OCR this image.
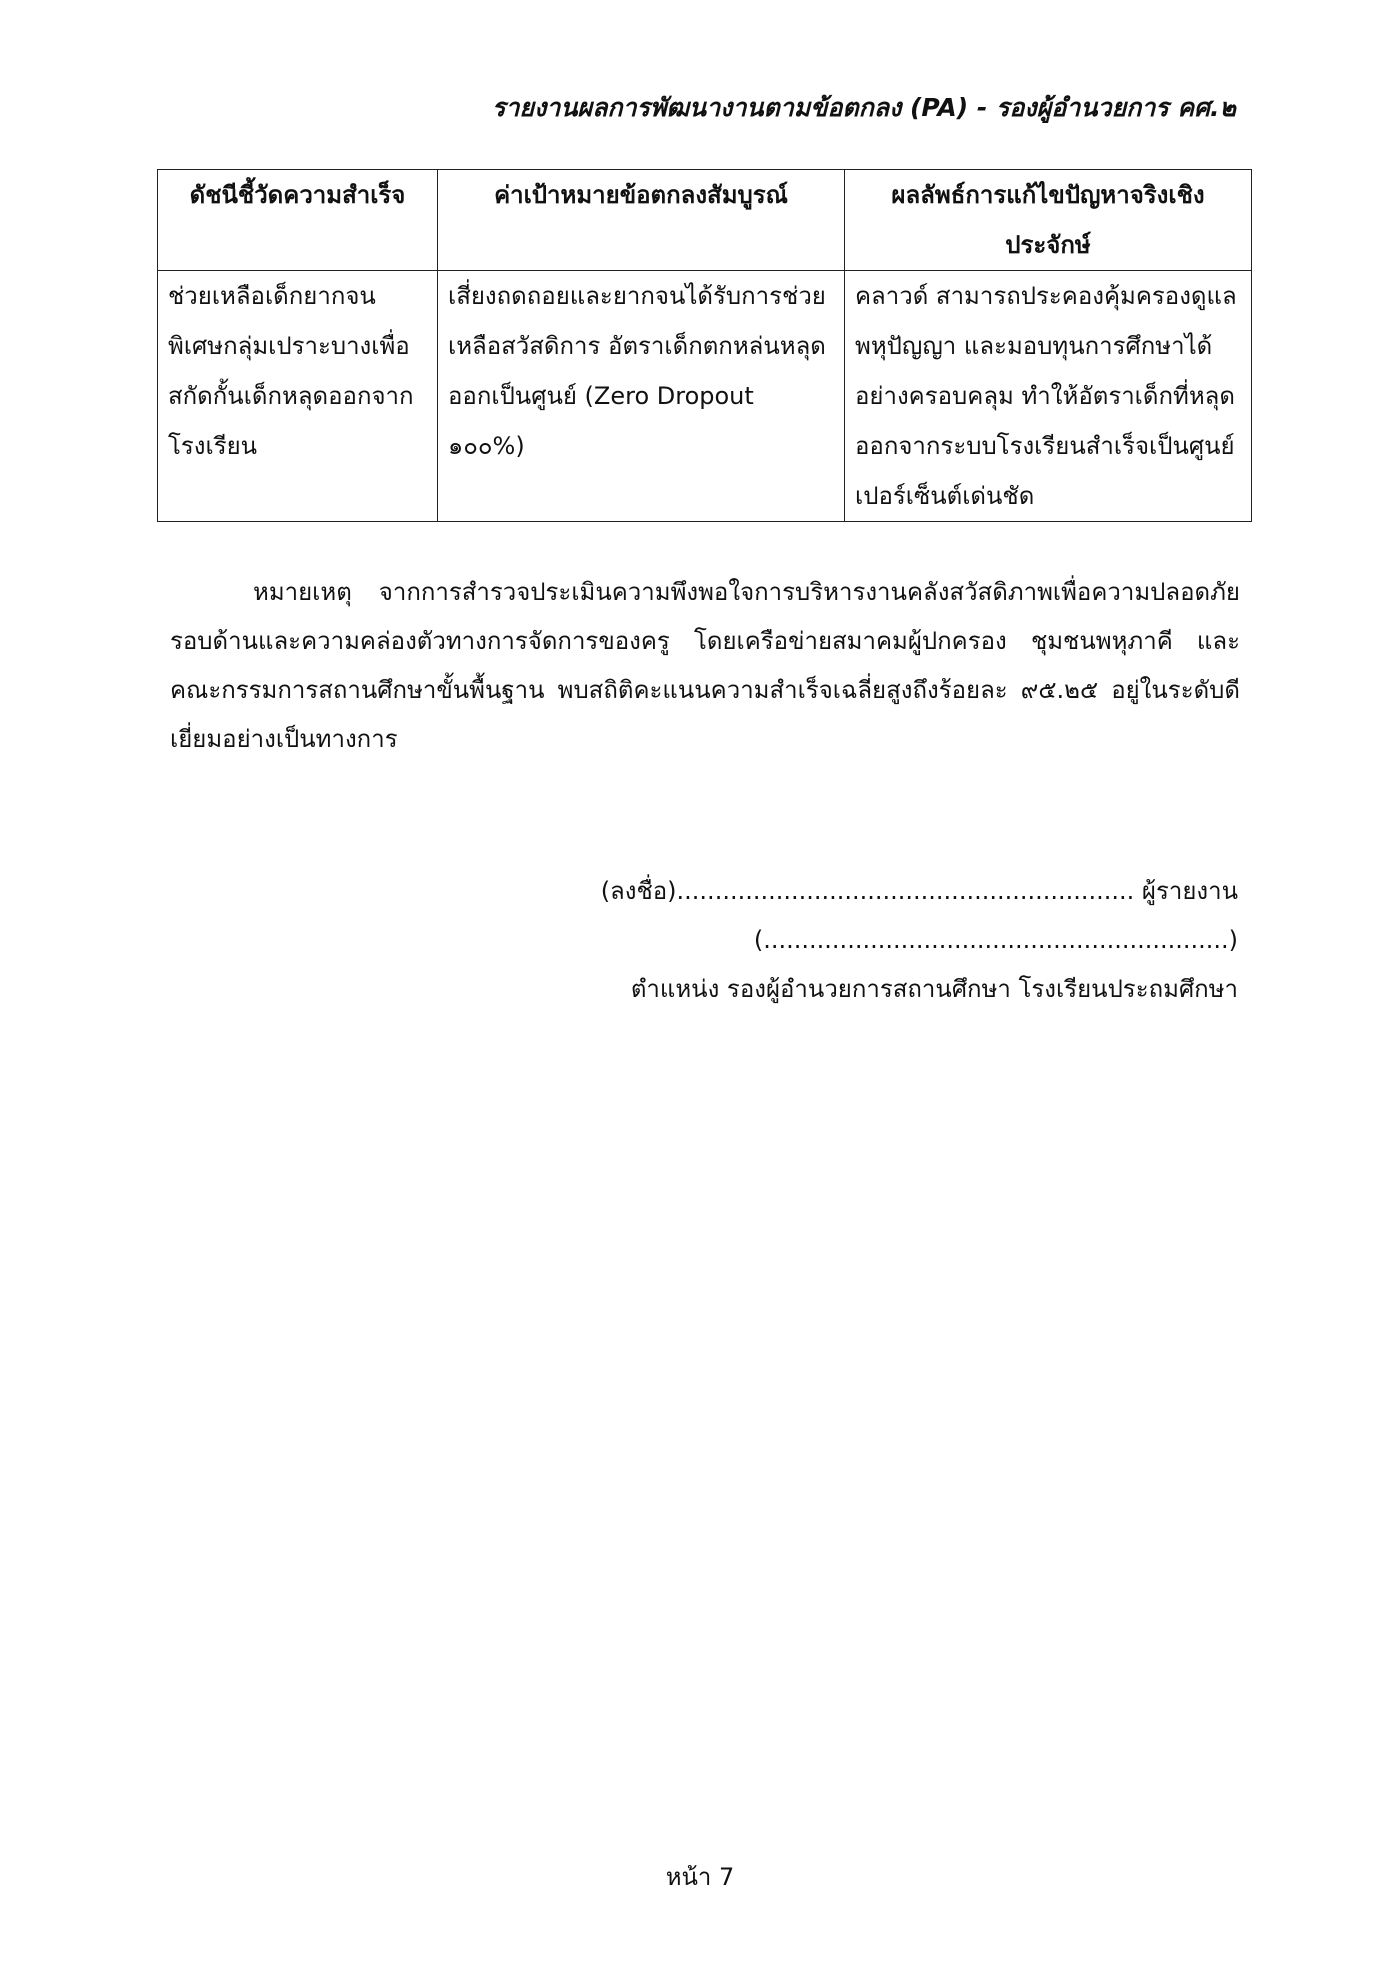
รายงานผลการพัฒนางานตามข้อตกลง (PA) - รองผู้อำนวยการ คศ.๒
ดัชนีชี้วัดความสำเร็จ	ค่าเป้าหมายข้อตกลงสัมบูรณ์	ผลลัพธ์การแก้ไขปัญหาจริงเชิงประจักษ์
ช่วยเหลือเด็กยากจนพิเศษกลุ่มเปราะบางเพื่อสกัดกั้นเด็กหลุดออกจากโรงเรียน	เสี่ยงถดถอยและยากจนได้รับการช่วยเหลือสวัสดิการ อัตราเด็กตกหล่นหลุดออกเป็นศูนย์ (Zero Dropout ๑๐๐%)	คลาวด์ สามารถประคองคุ้มครองดูแลพหุปัญญา และมอบทุนการศึกษาได้อย่างครอบคลุม ทำให้อัตราเด็กที่หลุดออกจากระบบโรงเรียนสำเร็จเป็นศูนย์เปอร์เซ็นต์เด่นชัด

หมายเหตุ จากการสำรวจประเมินความพึงพอใจการบริหารงานคลังสวัสดิภาพเพื่อความปลอดภัยรอบด้านและความคล่องตัวทางการจัดการของครู โดยเครือข่ายสมาคมผู้ปกครอง ชุมชนพหุภาคี และคณะกรรมการสถานศึกษาขั้นพื้นฐาน พบสถิติคะแนนความสำเร็จเฉลี่ยสูงถึงร้อยละ ๙๕.๒๕ อยู่ในระดับดีเยี่ยมอย่างเป็นทางการ

(ลงชื่อ)............................................................ ผู้รายงาน
(.............................................................)
ตำแหน่ง รองผู้อำนวยการสถานศึกษา โรงเรียนประถมศึกษา
หน้า 7
